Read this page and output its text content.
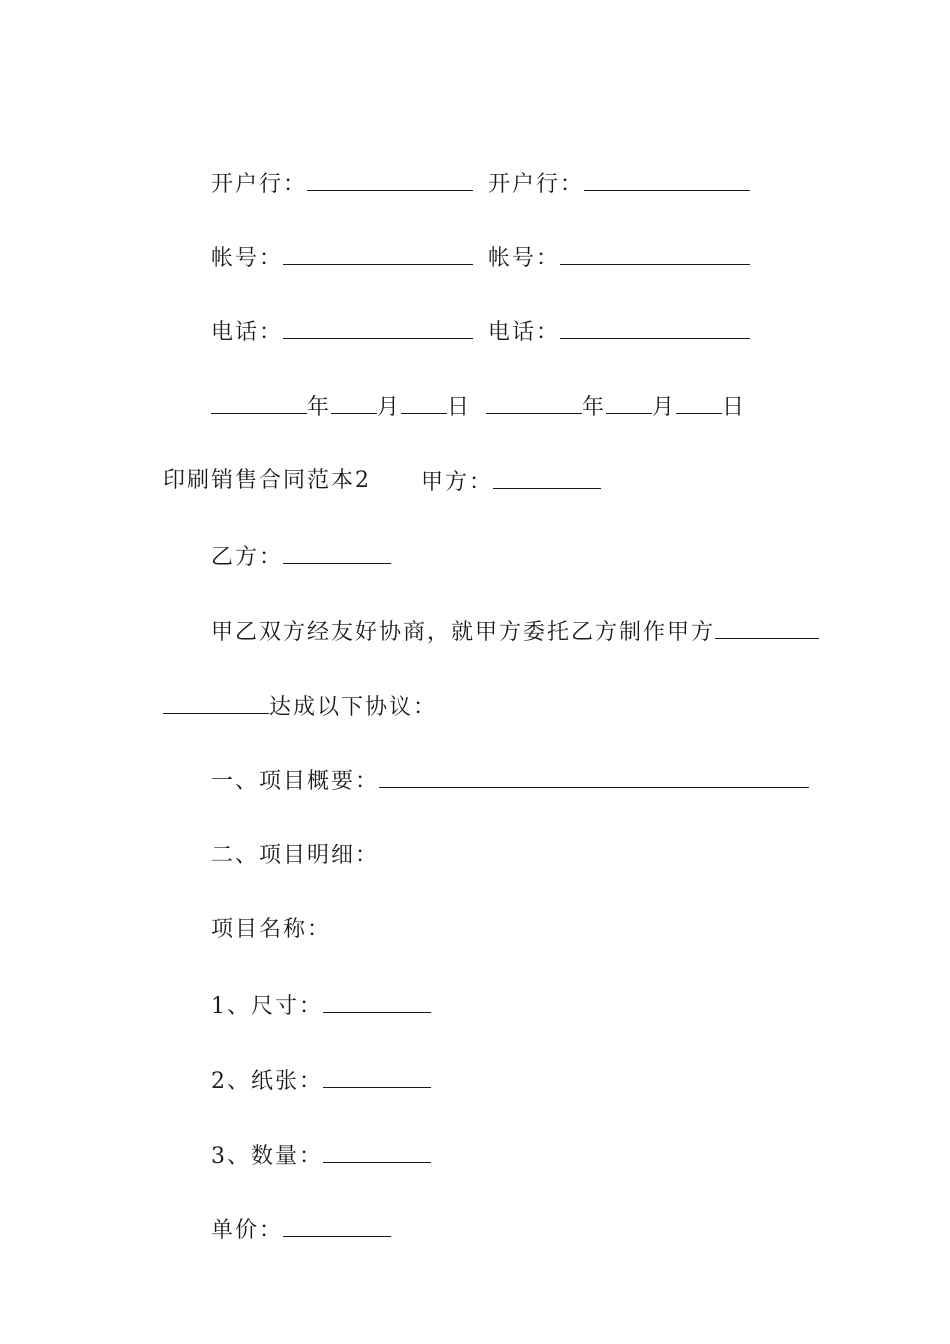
开户行：	开户行：

帐号：	帐号：

电话：	电话：

年 月 日	年 月 日

印刷销售合同范本2	甲方：

乙方：

甲乙双方经友好协商，就甲方委托乙方制作甲方

达成以下协议：

一、项目概要：

二、项目明细：

项目名称：

1、尺寸：

2、纸张：

3、数量：

单价：
